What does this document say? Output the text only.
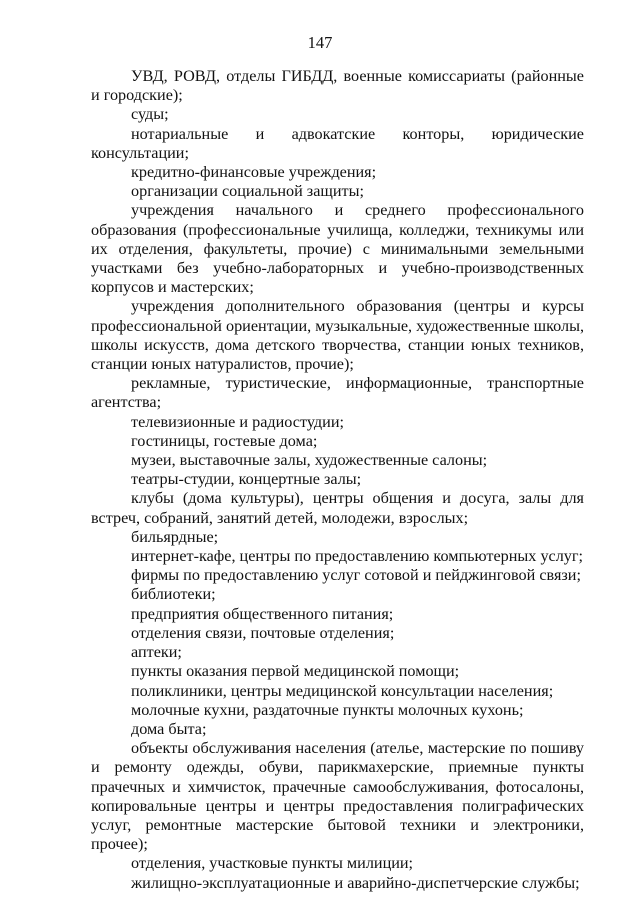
147

УВД, РОВД, отделы ГИБДД, военные комиссариаты (районные и городские);

суды;

нотариальные и адвокатские конторы, юридические консультации;

кредитно-финансовые учреждения;

организации социальной защиты;

учреждения начального и среднего профессионального образования (профессиональные училища, колледжи, техникумы или их отделения, факультеты, прочие) с минимальными земельными участками без учебно-лабораторных и учебно-производственных корпусов и мастерских;

учреждения дополнительного образования (центры и курсы профессиональной ориентации, музыкальные, художественные школы, школы искусств, дома детского творчества, станции юных техников, станции юных натуралистов, прочие);

рекламные, туристические, информационные, транспортные агентства;

телевизионные и радиостудии;

гостиницы, гостевые дома;

музеи, выставочные залы, художественные салоны;

театры-студии, концертные залы;

клубы (дома культуры), центры общения и досуга, залы для встреч, собраний, занятий детей, молодежи, взрослых;

бильярдные;

интернет-кафе, центры по предоставлению компьютерных услуг;

фирмы по предоставлению услуг сотовой и пейджинговой связи;

библиотеки;

предприятия общественного питания;

отделения связи, почтовые отделения;

аптеки;

пункты оказания первой медицинской помощи;

поликлиники, центры медицинской консультации населения;

молочные кухни, раздаточные пункты молочных кухонь;

дома быта;

объекты обслуживания населения (ателье, мастерские по пошиву и ремонту одежды, обуви, парикмахерские, приемные пункты прачечных и химчисток, прачечные самообслуживания, фотосалоны, копировальные центры и центры предоставления полиграфических услуг, ремонтные мастерские бытовой техники и электроники, прочее);

отделения, участковые пункты милиции;

жилищно-эксплуатационные и аварийно-диспетчерские службы;
